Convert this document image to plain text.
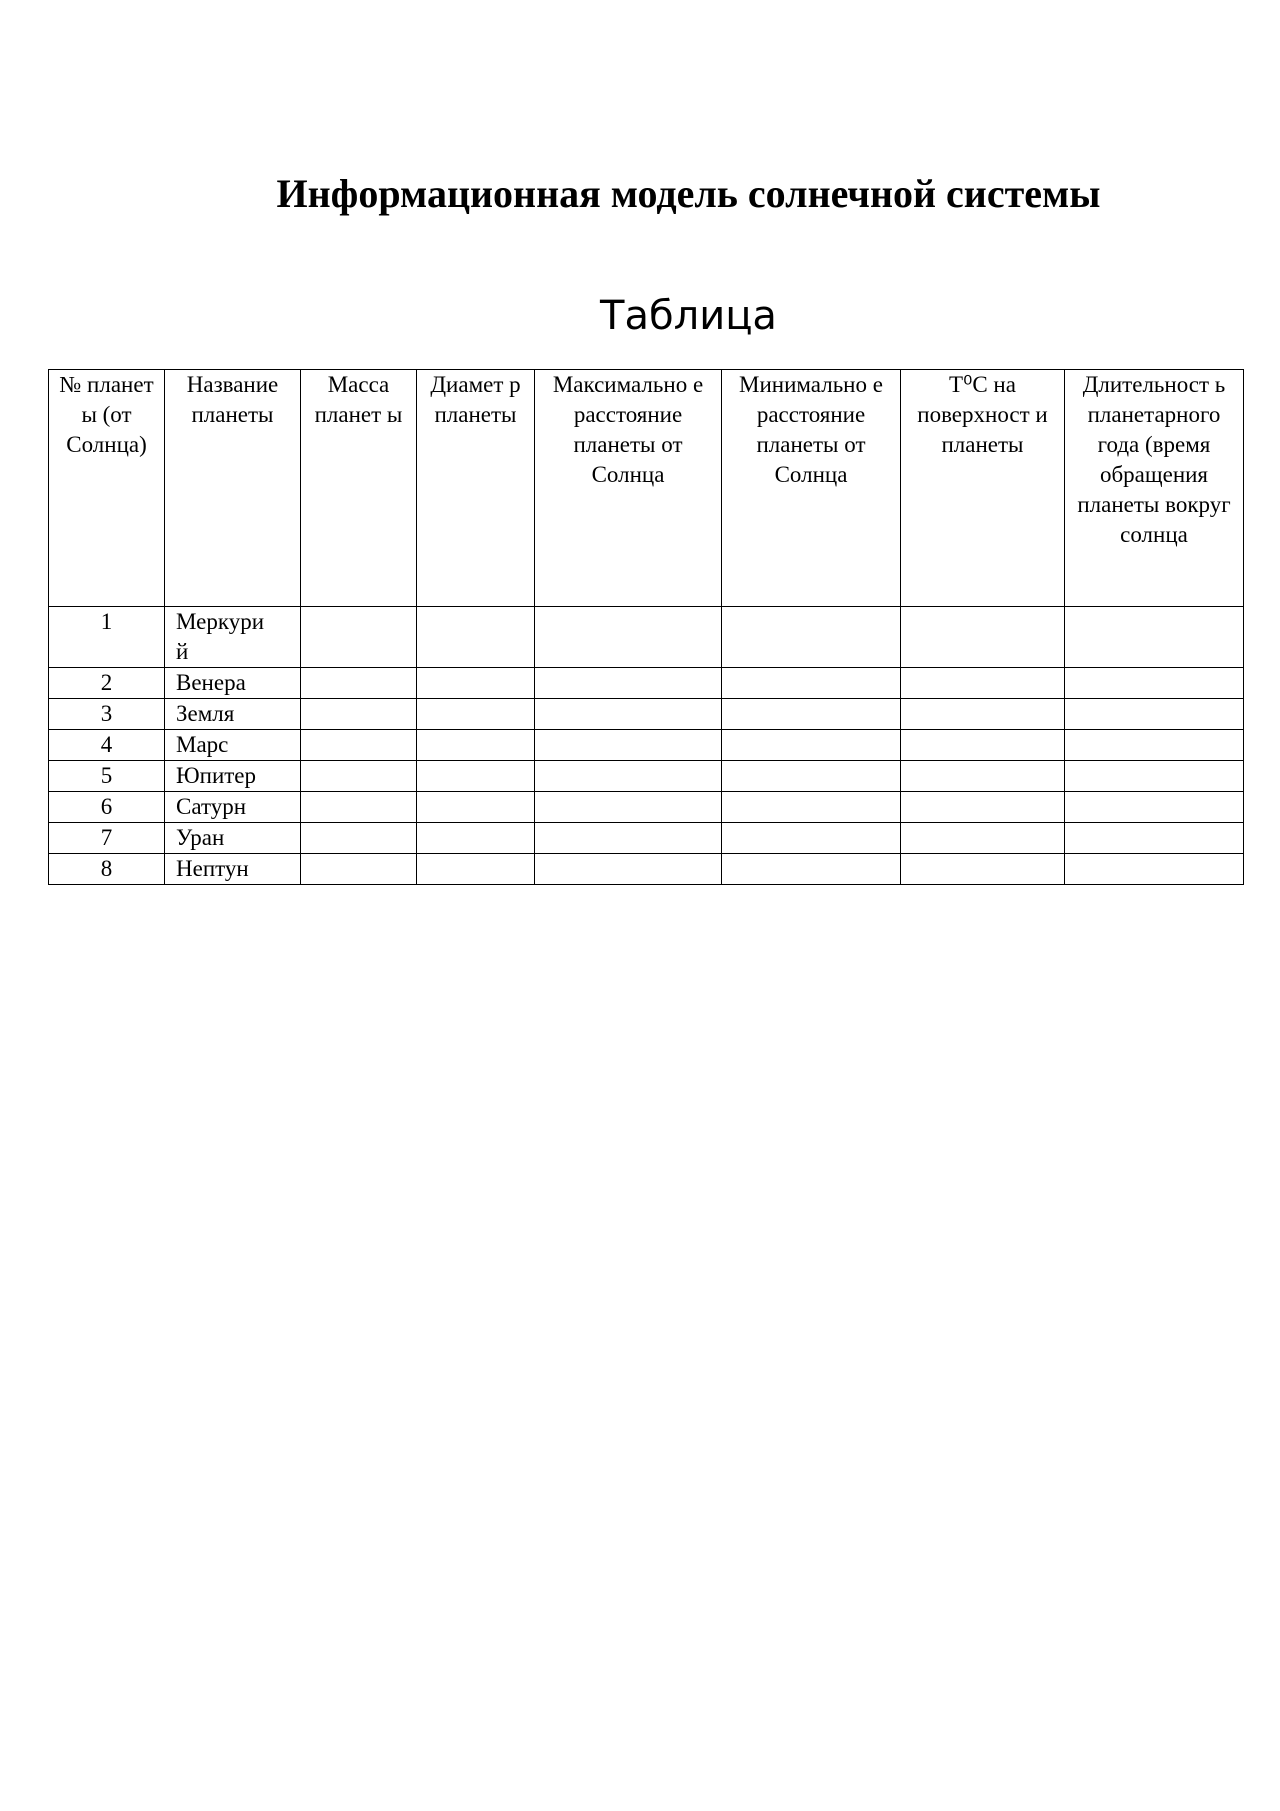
Информационная модель солнечной системы
Таблица
№ планет ы (от Солнца)	Название планеты	Масса планет ы	Диамет р планеты	Максимально е расстояние планеты от Солнца	Минимально е расстояние планеты от Солнца	T⁰C на поверхност и планеты	Длительност ь планетарного года (время обращения планеты вокруг солнца
1	Меркурий						

2	Венера						
3	Земля						
4	Марс						
5	Юпитер						
6	Сатурн						
7	Уран						
8	Нептун						
